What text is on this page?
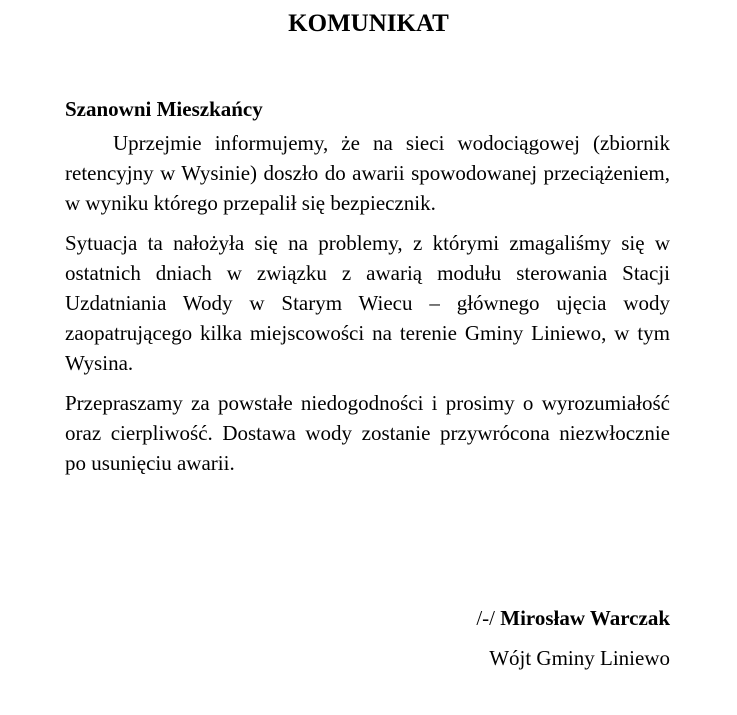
KOMUNIKAT

Szanowni Mieszkańcy

Uprzejmie informujemy, że na sieci wodociągowej (zbiornik retencyjny w Wysinie) doszło do awarii spowodowanej przeciążeniem, w wyniku którego przepalił się bezpiecznik.

Sytuacja ta nałożyła się na problemy, z którymi zmagaliśmy się w ostatnich dniach w związku z awarią modułu sterowania Stacji Uzdatniania Wody w Starym Wiecu – głównego ujęcia wody zaopatrującego kilka miejscowości na terenie Gminy Liniewo, w tym Wysina.

Przepraszamy za powstałe niedogodności i prosimy o wyrozumiałość oraz cierpliwość. Dostawa wody zostanie przywrócona niezwłocznie po usunięciu awarii.

/-/ Mirosław Warczak

Wójt Gminy Liniewo
